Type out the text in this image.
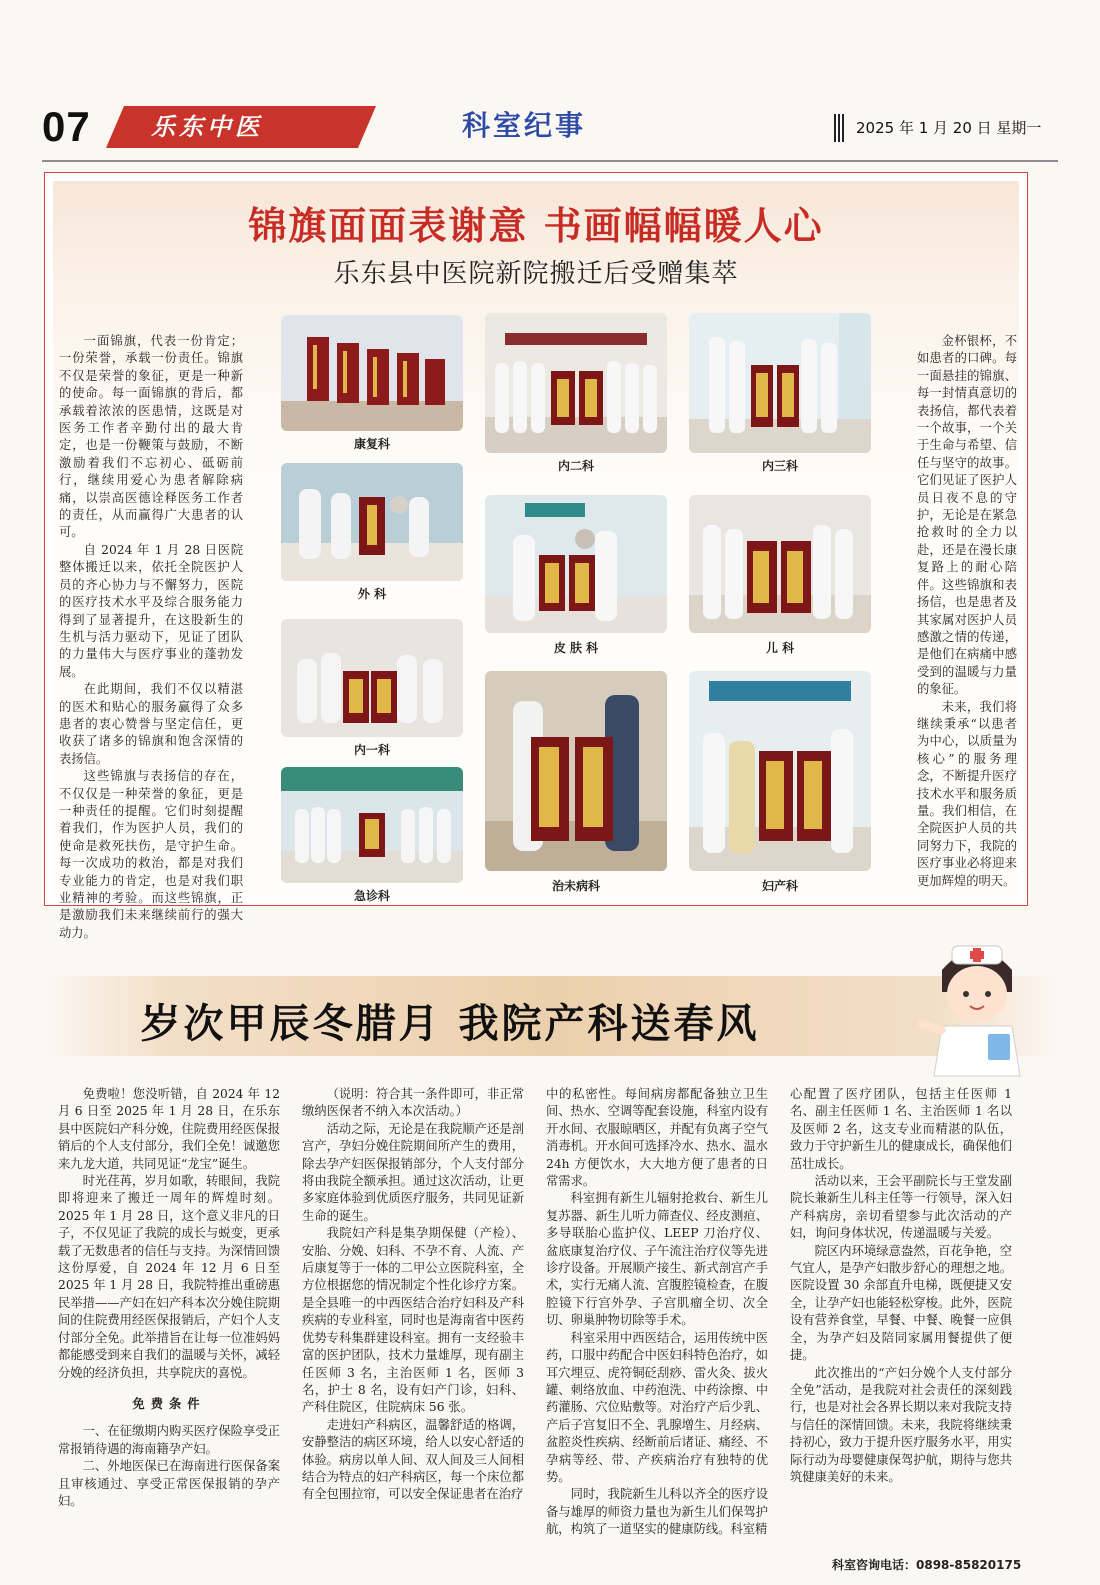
07	乐东中医	科室纪事	2025 年 1 月 20 日 星期一
锦旗面面表谢意 书画幅幅暖人心
乐东县中医院新院搬迁后受赠集萃

一面锦旗，代表一份肯定；一份荣誉，承载一份责任。锦旗不仅是荣誉的象征，更是一种新的使命。每一面锦旗的背后，都承载着浓浓的医患情，这既是对医务工作者辛勤付出的最大肯定，也是一份鞭策与鼓励，不断激励着我们不忘初心、砥砺前行，继续用爱心为患者解除病痛，以崇高医德诠释医务工作者的责任，从而赢得广大患者的认可。

自 2024 年 1 月 28 日医院整体搬迁以来，依托全院医护人员的齐心协力与不懈努力，医院的医疗技术水平及综合服务能力得到了显著提升，在这股新生的生机与活力驱动下，见证了团队的力量伟大与医疗事业的蓬勃发展。

在此期间，我们不仅以精湛的医术和贴心的服务赢得了众多患者的衷心赞誉与坚定信任，更收获了诸多的锦旗和饱含深情的表扬信。

这些锦旗与表扬信的存在，不仅仅是一种荣誉的象征，更是一种责任的提醒。它们时刻提醒着我们，作为医护人员，我们的使命是救死扶伤，是守护生命。每一次成功的救治，都是对我们专业能力的肯定，也是对我们职业精神的考验。而这些锦旗，正是激励我们未来继续前行的强大动力。

金杯银杯，不如患者的口碑。每一面悬挂的锦旗、每一封情真意切的表扬信，都代表着一个故事，一个关于生命与希望、信任与坚守的故事。它们见证了医护人员日夜不息的守护，无论是在紧急抢救时的全力以赴，还是在漫长康复路上的耐心陪伴。这些锦旗和表扬信，也是患者及其家属对医护人员感激之情的传递，是他们在病痛中感受到的温暖与力量的象征。

未来，我们将继续秉承“以患者为中心，以质量为核心”的服务理念，不断提升医疗技术水平和服务质量。我们相信，在全院医护人员的共同努力下，我院的医疗事业必将迎来更加辉煌的明天。

康复科
外 科
内一科
急诊科
内二科
皮 肤 科
治未病科
内三科
儿 科
妇产科
岁次甲辰冬腊月 我院产科送春风

免费啦！您没听错，自 2024 年 12 月 6 日至 2025 年 1 月 28 日，在乐东县中医院妇产科分娩，住院费用经医保报销后的个人支付部分，我们全免！诚邀您来九龙大道，共同见证“龙宝”诞生。

时光荏苒，岁月如歌，转眼间，我院即将迎来了搬迁一周年的辉煌时刻。2025 年 1 月 28 日，这个意义非凡的日子，不仅见证了我院的成长与蜕变，更承载了无数患者的信任与支持。为深情回馈这份厚爱，自 2024 年 12 月 6 日至 2025 年 1 月 28 日，我院特推出重磅惠民举措——产妇在妇产科本次分娩住院期间的住院费用经医保报销后，产妇个人支付部分全免。此举措旨在让每一位准妈妈都能感受到来自我们的温暖与关怀，减轻分娩的经济负担，共享院庆的喜悦。

免费条件

一、在征缴期内购买医疗保险享受正常报销待遇的海南籍孕产妇。

二、外地医保已在海南进行医保备案且审核通过、享受正常医保报销的孕产妇。

（说明：符合其一条件即可，非正常缴纳医保者不纳入本次活动。）

活动之际，无论是在我院顺产还是剖宫产，孕妇分娩住院期间所产生的费用，除去孕产妇医保报销部分，个人支付部分将由我院全额承担。通过这次活动，让更多家庭体验到优质医疗服务，共同见证新生命的诞生。

我院妇产科是集孕期保健（产检）、安胎、分娩、妇科、不孕不育、人流、产后康复等于一体的二甲公立医院科室，全方位根据您的情况制定个性化诊疗方案。是全县唯一的中西医结合治疗妇科及产科疾病的专业科室，同时也是海南省中医药优势专科集群建设科室。拥有一支经验丰富的医护团队，技术力量雄厚，现有副主任医师 3 名，主治医师 1 名，医师 3 名，护士 8 名，设有妇产门诊，妇科、产科住院区，住院病床 56 张。

走进妇产科病区，温馨舒适的格调，安静整洁的病区环境，给人以安心舒适的体验。病房以单人间、双人间及三人间相结合为特点的妇产科病区，每一个床位都有全包围拉帘，可以安全保证患者在治疗

中的私密性。每间病房都配备独立卫生间、热水、空调等配套设施，科室内设有开水间、衣服晾晒区，并配有负离子空气消毒机。开水间可选择冷水、热水、温水 24h 方便饮水，大大地方便了患者的日常需求。

科室拥有新生儿辐射抢救台、新生儿复苏器、新生儿听力筛查仪、经皮测疸、多导联胎心监护仪、LEEP 刀治疗仪、盆底康复治疗仪、子午流注治疗仪等先进诊疗设备。开展顺产接生、新式剖宫产手术，实行无痛人流、宫腹腔镜检查，在腹腔镜下行宫外孕、子宫肌瘤全切、次全切、卵巢肿物切除等手术。

科室采用中西医结合，运用传统中医药，口服中药配合中医妇科特色治疗，如耳穴埋豆、虎符铜砭刮痧、雷火灸、拔火罐、刺络放血、中药泡洗、中药涂擦、中药灌肠、穴位贴敷等。对治疗产后少乳、产后子宫复旧不全、乳腺增生、月经病、盆腔炎性疾病、经断前后诸证、痛经、不孕病等经、带、产疾病治疗有独特的优势。

同时，我院新生儿科以齐全的医疗设备与雄厚的师资力量也为新生儿们保驾护航，构筑了一道坚实的健康防线。科室精

心配置了医疗团队，包括主任医师 1 名、副主任医师 1 名、主治医师 1 名以及医师 2 名，这支专业而精湛的队伍，致力于守护新生儿的健康成长，确保他们茁壮成长。

活动以来，王会平副院长与王堂发副院长兼新生儿科主任等一行领导，深入妇产科病房，亲切看望参与此次活动的产妇，询问身体状况，传递温暖与关爱。

院区内环境绿意盎然，百花争艳，空气宜人，是孕产妇散步舒心的理想之地。医院设置 30 余部直升电梯，既便捷又安全，让孕产妇也能轻松穿梭。此外，医院设有营养食堂，早餐、中餐、晚餐一应俱全，为孕产妇及陪同家属用餐提供了便捷。

此次推出的“产妇分娩个人支付部分全免”活动，是我院对社会责任的深刻践行，也是对社会各界长期以来对我院支持与信任的深情回馈。未来，我院将继续秉持初心，致力于提升医疗服务水平，用实际行动为母婴健康保驾护航，期待与您共筑健康美好的未来。

科室咨询电话：0898-85820175
